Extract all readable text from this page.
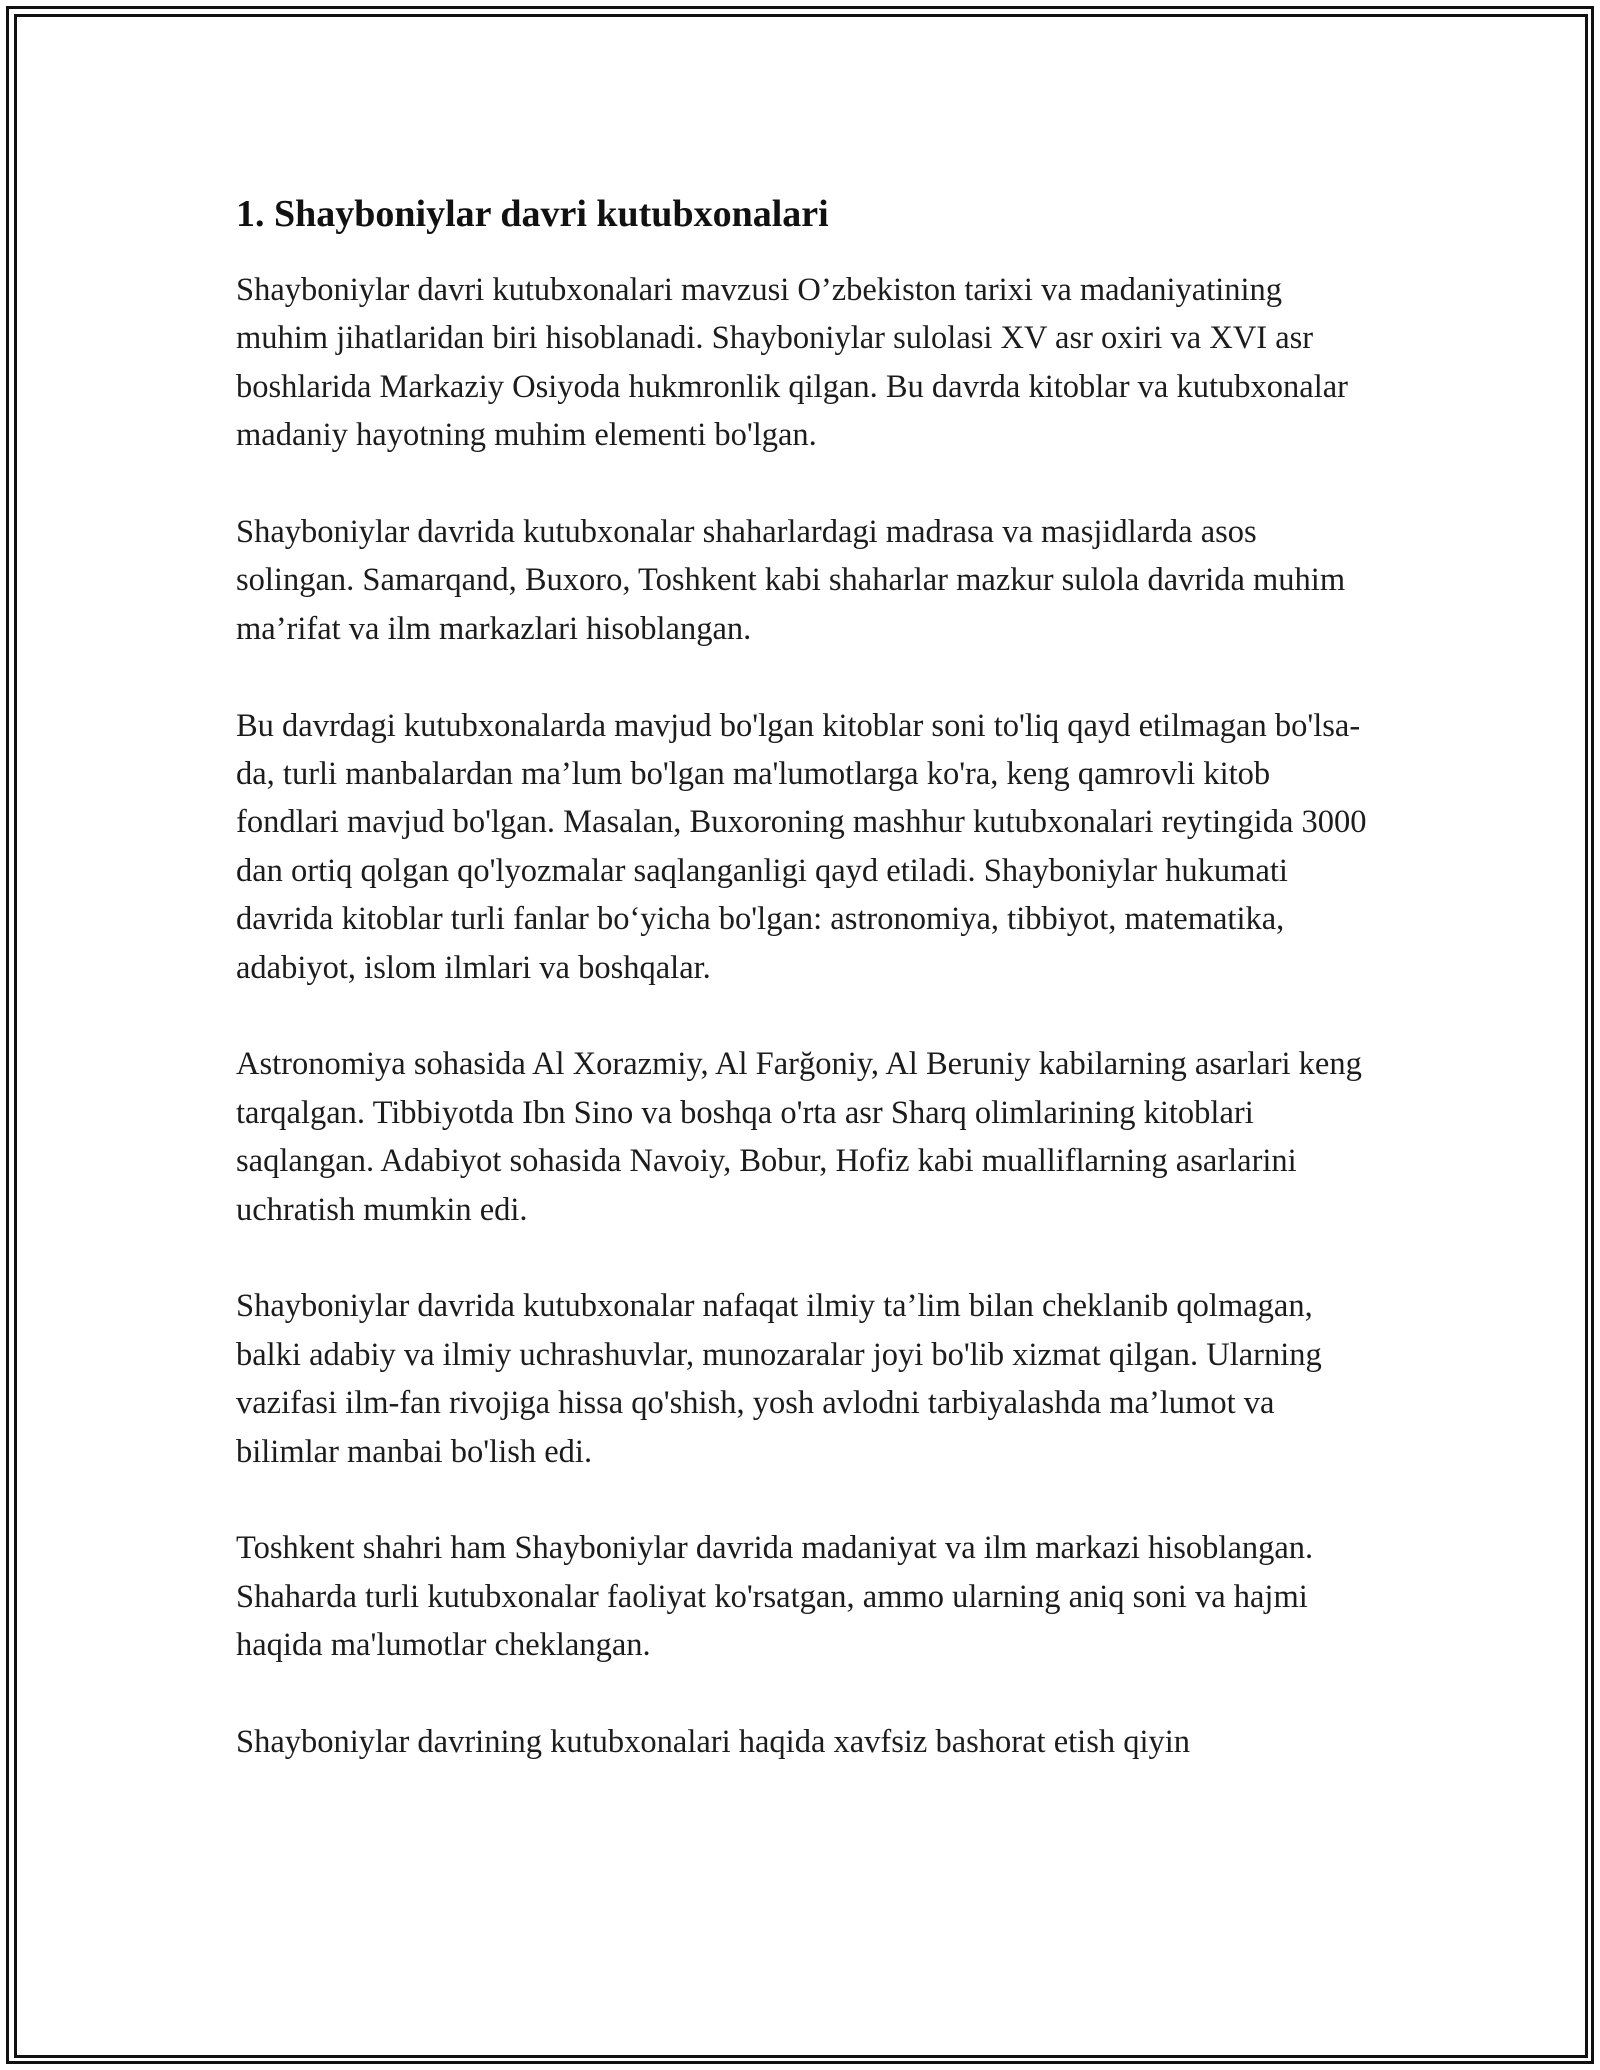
1. Shayboniylar davri kutubxonalari

Shayboniylar davri kutubxonalari mavzusi O’zbekiston tarixi va madaniyatining muhim jihatlaridan biri hisoblanadi. Shayboniylar sulolasi XV asr oxiri va XVI asr boshlarida Markaziy Osiyoda hukmronlik qilgan. Bu davrda kitoblar va kutubxonalar madaniy hayotning muhim elementi bo'lgan.

Shayboniylar davrida kutubxonalar shaharlardagi madrasa va masjidlarda asos solingan. Samarqand, Buxoro, Toshkent kabi shaharlar mazkur sulola davrida muhim ma’rifat va ilm markazlari hisoblangan.

Bu davrdagi kutubxonalarda mavjud bo'lgan kitoblar soni to'liq qayd etilmagan bo'lsa-da, turli manbalardan ma’lum bo'lgan ma'lumotlarga ko'ra, keng qamrovli kitob fondlari mavjud bo'lgan. Masalan, Buxoroning mashhur kutubxonalari reytingida 3000 dan ortiq qolgan qo'lyozmalar saqlanganligi qayd etiladi. Shayboniylar hukumati davrida kitoblar turli fanlar bo‘yicha bo'lgan: astronomiya, tibbiyot, matematika, adabiyot, islom ilmlari va boshqalar.

Astronomiya sohasida Al Xorazmiy, Al Farğoniy, Al Beruniy kabilarning asarlari keng tarqalgan. Tibbiyotda Ibn Sino va boshqa o'rta asr Sharq olimlarining kitoblari saqlangan. Adabiyot sohasida Navoiy, Bobur, Hofiz kabi mualliflarning asarlarini uchratish mumkin edi.

Shayboniylar davrida kutubxonalar nafaqat ilmiy ta’lim bilan cheklanib qolmagan, balki adabiy va ilmiy uchrashuvlar, munozaralar joyi bo'lib xizmat qilgan. Ularning vazifasi ilm-fan rivojiga hissa qo'shish, yosh avlodni tarbiyalashda ma’lumot va bilimlar manbai bo'lish edi.

Toshkent shahri ham Shayboniylar davrida madaniyat va ilm markazi hisoblangan. Shaharda turli kutubxonalar faoliyat ko'rsatgan, ammo ularning aniq soni va hajmi haqida ma'lumotlar cheklangan.

Shayboniylar davrining kutubxonalari haqida xavfsiz bashorat etish qiyin
